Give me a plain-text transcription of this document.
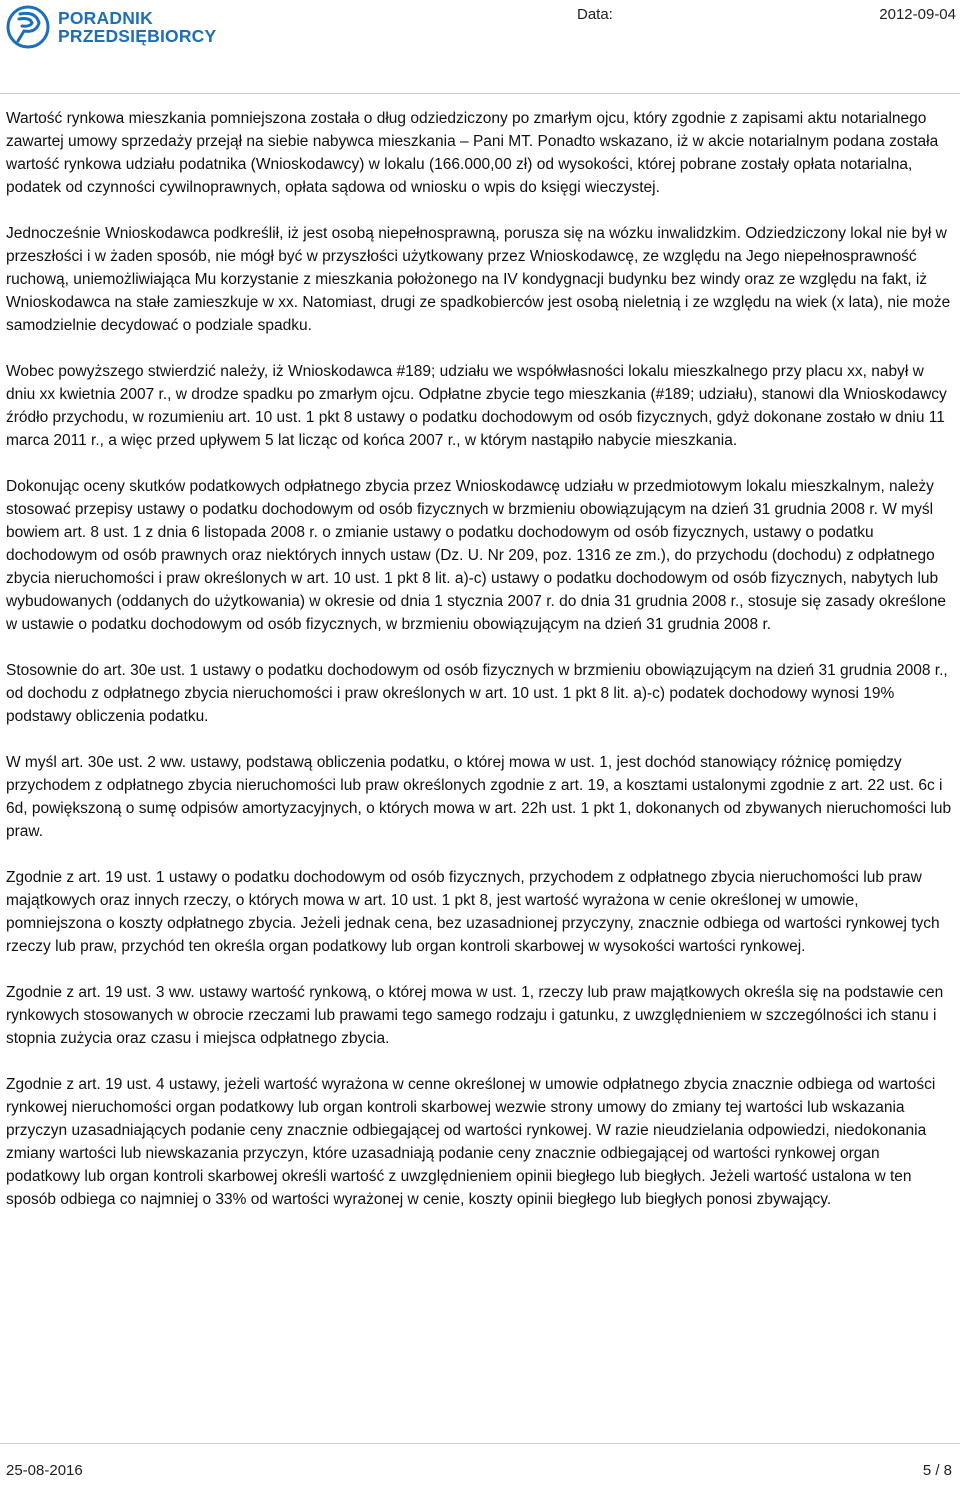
PORADNIK
PRZEDSIĘBIORCY
Data:	2012-09-04

Wartość rynkowa mieszkania pomniejszona została o dług odziedziczony po zmarłym ojcu, który zgodnie z zapisami aktu notarialnego zawartej umowy sprzedaży przejął na siebie nabywca mieszkania – Pani MT. Ponadto wskazano, iż w akcie notarialnym podana została wartość rynkowa udziału podatnika (Wnioskodawcy) w lokalu (166.000,00 zł) od wysokości, której pobrane zostały opłata notarialna, podatek od czynności cywilnoprawnych, opłata sądowa od wniosku o wpis do księgi wieczystej.

Jednocześnie Wnioskodawca podkreślił, iż jest osobą niepełnosprawną, porusza się na wózku inwalidzkim. Odziedziczony lokal nie był w przeszłości i w żaden sposób, nie mógł być w przyszłości użytkowany przez Wnioskodawcę, ze względu na Jego niepełnosprawność ruchową, uniemożliwiająca Mu korzystanie z mieszkania położonego na IV kondygnacji budynku bez windy oraz ze względu na fakt, iż Wnioskodawca na stałe zamieszkuje w xx. Natomiast, drugi ze spadkobierców jest osobą nieletnią i ze względu na wiek (x lata), nie może samodzielnie decydować o podziale spadku.

Wobec powyższego stwierdzić należy, iż Wnioskodawca #189; udziału we współwłasności lokalu mieszkalnego przy placu xx, nabył w dniu xx kwietnia 2007 r., w drodze spadku po zmarłym ojcu. Odpłatne zbycie tego mieszkania (#189; udziału), stanowi dla Wnioskodawcy źródło przychodu, w rozumieniu art. 10 ust. 1 pkt 8 ustawy o podatku dochodowym od osób fizycznych, gdyż dokonane zostało w dniu 11 marca 2011 r., a więc przed upływem 5 lat licząc od końca 2007 r., w którym nastąpiło nabycie mieszkania.

Dokonując oceny skutków podatkowych odpłatnego zbycia przez Wnioskodawcę udziału w przedmiotowym lokalu mieszkalnym, należy stosować przepisy ustawy o podatku dochodowym od osób fizycznych w brzmieniu obowiązującym na dzień 31 grudnia 2008 r. W myśl bowiem art. 8 ust. 1 z dnia 6 listopada 2008 r. o zmianie ustawy o podatku dochodowym od osób fizycznych, ustawy o podatku dochodowym od osób prawnych oraz niektórych innych ustaw (Dz. U. Nr 209, poz. 1316 ze zm.), do przychodu (dochodu) z odpłatnego zbycia nieruchomości i praw określonych w art. 10 ust. 1 pkt 8 lit. a)-c) ustawy o podatku dochodowym od osób fizycznych, nabytych lub wybudowanych (oddanych do użytkowania) w okresie od dnia 1 stycznia 2007 r. do dnia 31 grudnia 2008 r., stosuje się zasady określone w ustawie o podatku dochodowym od osób fizycznych, w brzmieniu obowiązującym na dzień 31 grudnia 2008 r.

Stosownie do art. 30e ust. 1 ustawy o podatku dochodowym od osób fizycznych w brzmieniu obowiązującym na dzień 31 grudnia 2008 r., od dochodu z odpłatnego zbycia nieruchomości i praw określonych w art. 10 ust. 1 pkt 8 lit. a)-c) podatek dochodowy wynosi 19% podstawy obliczenia podatku.

W myśl art. 30e ust. 2 ww. ustawy, podstawą obliczenia podatku, o której mowa w ust. 1, jest dochód stanowiący różnicę pomiędzy przychodem z odpłatnego zbycia nieruchomości lub praw określonych zgodnie z art. 19, a kosztami ustalonymi zgodnie z art. 22 ust. 6c i 6d, powiększoną o sumę odpisów amortyzacyjnych, o których mowa w art. 22h ust. 1 pkt 1, dokonanych od zbywanych nieruchomości lub praw.

Zgodnie z art. 19 ust. 1 ustawy o podatku dochodowym od osób fizycznych, przychodem z odpłatnego zbycia nieruchomości lub praw majątkowych oraz innych rzeczy, o których mowa w art. 10 ust. 1 pkt 8, jest wartość wyrażona w cenie określonej w umowie, pomniejszona o koszty odpłatnego zbycia. Jeżeli jednak cena, bez uzasadnionej przyczyny, znacznie odbiega od wartości rynkowej tych rzeczy lub praw, przychód ten określa organ podatkowy lub organ kontroli skarbowej w wysokości wartości rynkowej.

Zgodnie z art. 19 ust. 3 ww. ustawy wartość rynkową, o której mowa w ust. 1, rzeczy lub praw majątkowych określa się na podstawie cen rynkowych stosowanych w obrocie rzeczami lub prawami tego samego rodzaju i gatunku, z uwzględnieniem w szczególności ich stanu i stopnia zużycia oraz czasu i miejsca odpłatnego zbycia.

Zgodnie z art. 19 ust. 4 ustawy, jeżeli wartość wyrażona w cenne określonej w umowie odpłatnego zbycia znacznie odbiega od wartości rynkowej nieruchomości organ podatkowy lub organ kontroli skarbowej wezwie strony umowy do zmiany tej wartości lub wskazania przyczyn uzasadniających podanie ceny znacznie odbiegającej od wartości rynkowej. W razie nieudzielania odpowiedzi, niedokonania zmiany wartości lub niewskazania przyczyn, które uzasadniają podanie ceny znacznie odbiegającej od wartości rynkowej organ podatkowy lub organ kontroli skarbowej określi wartość z uwzględnieniem opinii biegłego lub biegłych. Jeżeli wartość ustalona w ten sposób odbiega co najmniej o 33% od wartości wyrażonej w cenie, koszty opinii biegłego lub biegłych ponosi zbywający.

25-08-2016	5 / 8
